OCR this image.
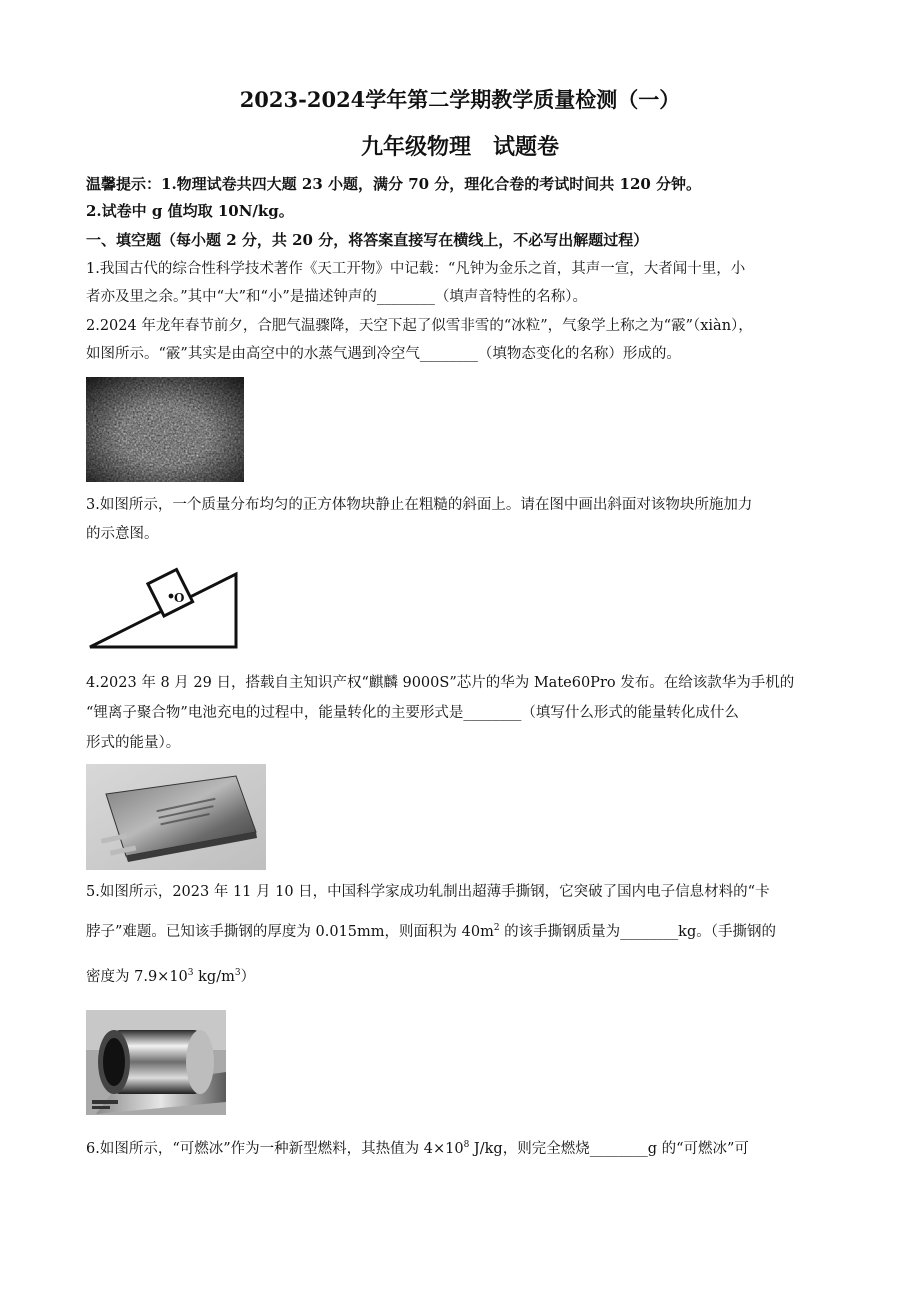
2023-2024学年第二学期教学质量检测（一）
九年级物理　试题卷
温馨提示：1.物理试卷共四大题 23 小题，满分 70 分，理化合卷的考试时间共 120 分钟。
2.试卷中 g 值均取 10N/kg。
一、填空题（每小题 2 分，共 20 分，将答案直接写在横线上，不必写出解题过程）
1.我国古代的综合性科学技术著作《天工开物》中记载：“凡钟为金乐之首，其声一宣，大者闻十里，小
者亦及里之余。”其中“大”和“小”是描述钟声的________（填声音特性的名称）。
2.2024 年龙年春节前夕，合肥气温骤降，天空下起了似雪非雪的“冰粒”，气象学上称之为“霰”（xiàn），
如图所示。“霰”其实是由高空中的水蒸气遇到冷空气________（填物态变化的名称）形成的。
3.如图所示，一个质量分布均匀的正方体物块静止在粗糙的斜面上。请在图中画出斜面对该物块所施加力
的示意图。
O
4.2023 年 8 月 29 日，搭载自主知识产权“麒麟 9000S”芯片的华为 Mate60Pro 发布。在给该款华为手机的
“锂离子聚合物”电池充电的过程中，能量转化的主要形式是________（填写什么形式的能量转化成什么
形式的能量）。
5.如图所示，2023 年 11 月 10 日，中国科学家成功轧制出超薄手撕钢，它突破了国内电子信息材料的“卡
脖子”难题。已知该手撕钢的厚度为 0.015mm，则面积为 $40m^2$ 的该手撕钢质量为________kg。（手撕钢的
密度为 $7.9\times 10^3$ $kg/m^3$）
6.如图所示，“可燃冰”作为一种新型燃料，其热值为 $4\times 10^8$ J/kg，则完全燃烧________g 的“可燃冰”可
